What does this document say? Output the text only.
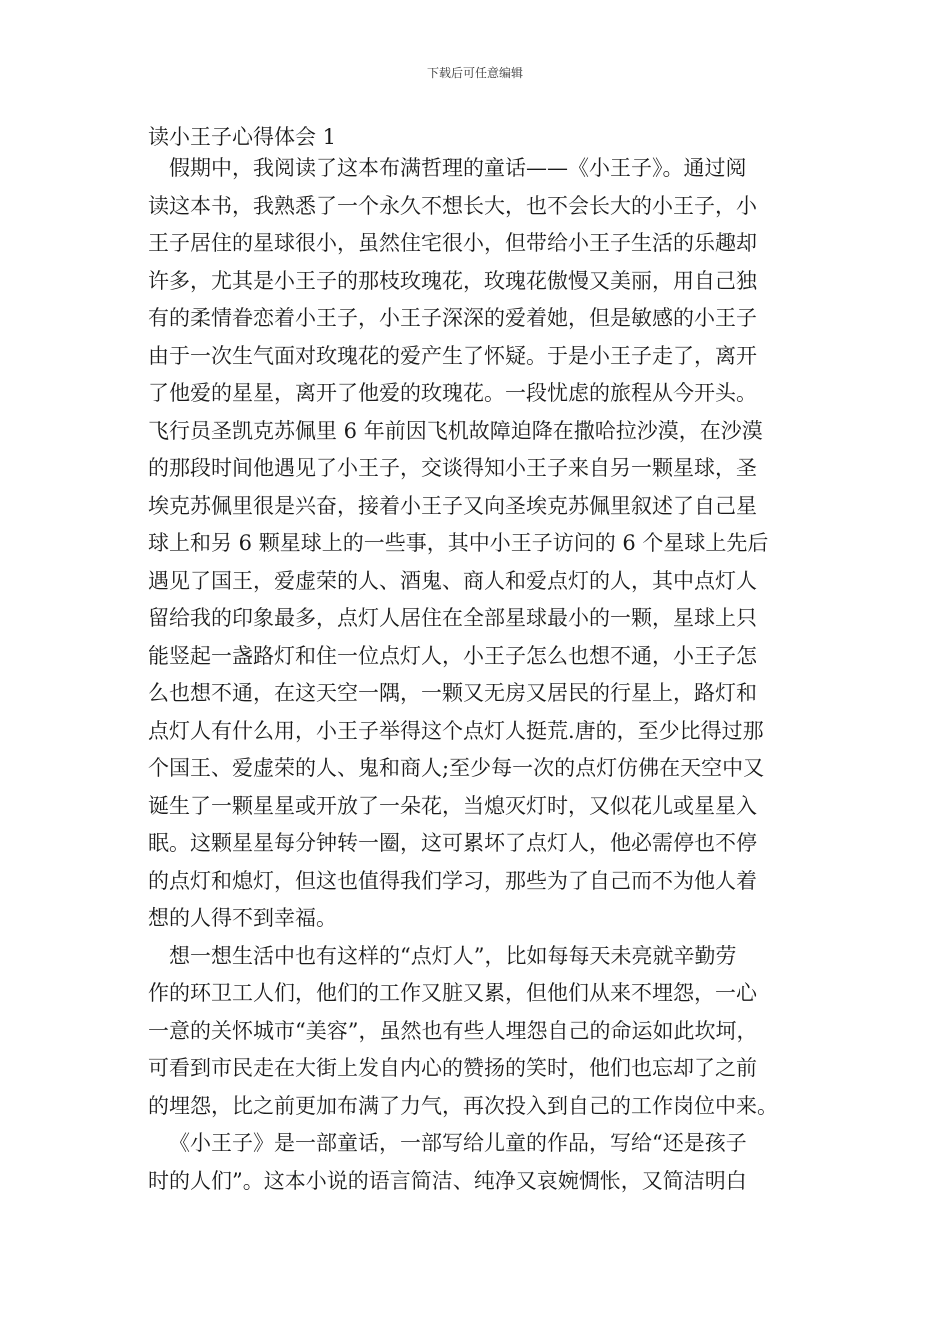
下载后可任意编辑
读小王子心得体会 1
假期中，我阅读了这本布满哲理的童话——《小王子》。通过阅
读这本书，我熟悉了一个永久不想长大，也不会长大的小王子，小
王子居住的星球很小，虽然住宅很小，但带给小王子生活的乐趣却
许多，尤其是小王子的那枝玫瑰花，玫瑰花傲慢又美丽，用自己独
有的柔情眷恋着小王子，小王子深深的爱着她，但是敏感的小王子
由于一次生气面对玫瑰花的爱产生了怀疑。于是小王子走了，离开
了他爱的星星，离开了他爱的玫瑰花。一段忧虑的旅程从今开头。
飞行员圣凯克苏佩里 6 年前因飞机故障迫降在撒哈拉沙漠，在沙漠
的那段时间他遇见了小王子，交谈得知小王子来自另一颗星球，圣
埃克苏佩里很是兴奋，接着小王子又向圣埃克苏佩里叙述了自己星
球上和另 6 颗星球上的一些事，其中小王子访问的 6 个星球上先后
遇见了国王，爱虚荣的人、酒鬼、商人和爱点灯的人，其中点灯人
留给我的印象最多，点灯人居住在全部星球最小的一颗，星球上只
能竖起一盏路灯和住一位点灯人，小王子怎么也想不通，小王子怎
么也想不通，在这天空一隅，一颗又无房又居民的行星上，路灯和
点灯人有什么用，小王子举得这个点灯人挺荒.唐的，至少比得过那
个国王、爱虚荣的人、鬼和商人;至少每一次的点灯仿佛在天空中又
诞生了一颗星星或开放了一朵花，当熄灭灯时，又似花儿或星星入
眠。这颗星星每分钟转一圈，这可累坏了点灯人，他必需停也不停
的点灯和熄灯，但这也值得我们学习，那些为了自己而不为他人着
想的人得不到幸福。
想一想生活中也有这样的“点灯人”，比如每每天未亮就辛勤劳
作的环卫工人们，他们的工作又脏又累，但他们从来不埋怨，一心
一意的关怀城市“美容”，虽然也有些人埋怨自己的命运如此坎坷，
可看到市民走在大街上发自内心的赞扬的笑时，他们也忘却了之前
的埋怨，比之前更加布满了力气，再次投入到自己的工作岗位中来。
《小王子》是一部童话，一部写给儿童的作品，写给“还是孩子
时的人们”。这本小说的语言简洁、纯净又哀婉惆怅，又简洁明白
